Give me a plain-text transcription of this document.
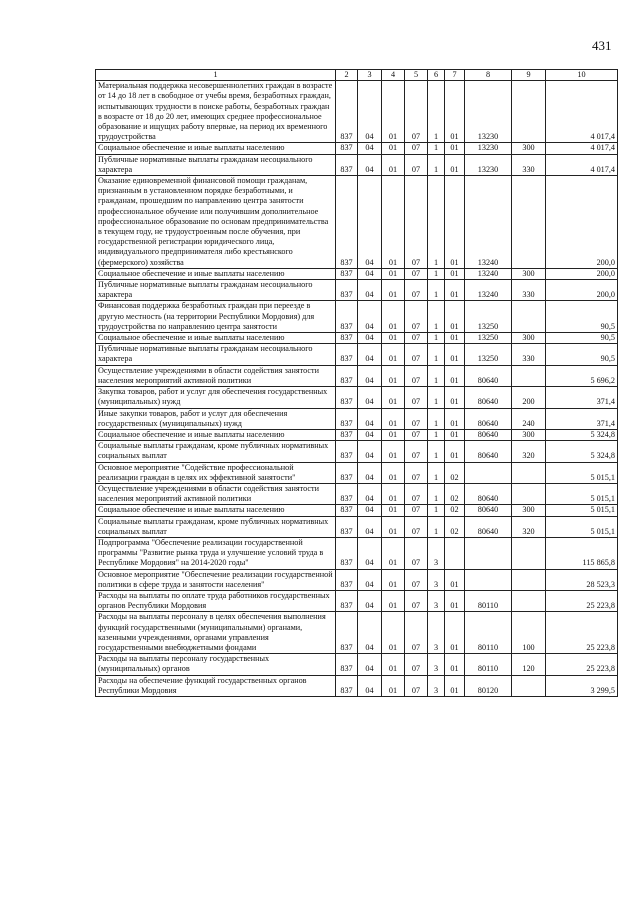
431
1	2	3	4	5	6	7	8	9	10
Материальная поддержка несовершеннолетних граждан в возрасте от 14 до 18 лет в свободное от учебы время, безработных граждан, испытывающих трудности в поиске работы, безработных граждан в возрасте от 18 до 20 лет, имеющих среднее профессиональное образование и ищущих работу впервые, на период их временного трудоустройства	837	04	01	07	1	01	13230		4 017,4
Социальное обеспечение и иные выплаты населению	837	04	01	07	1	01	13230	300	4 017,4
Публичные нормативные выплаты гражданам несоциального характера	837	04	01	07	1	01	13230	330	4 017,4
Оказание единовременной финансовой помощи гражданам, признанным в установленном порядке безработными, и гражданам, прошедшим по направлению центра занятости профессиональное обучение или получившим дополнительное профессиональное образование по основам предпринимательства в текущем году, не трудоустроенным после обучения, при государственной регистрации юридического лица, индивидуального предпринимателя либо крестьянского (фермерского) хозяйства	837	04	01	07	1	01	13240		200,0
Социальное обеспечение и иные выплаты населению	837	04	01	07	1	01	13240	300	200,0
Публичные нормативные выплаты гражданам несоциального характера	837	04	01	07	1	01	13240	330	200,0
Финансовая поддержка безработных граждан при переезде в другую местность (на территории Республики Мордовия) для трудоустройства по направлению центра занятости	837	04	01	07	1	01	13250		90,5
Социальное обеспечение и иные выплаты населению	837	04	01	07	1	01	13250	300	90,5
Публичные нормативные выплаты гражданам несоциального характера	837	04	01	07	1	01	13250	330	90,5
Осуществление учреждениями в области содействия занятости населения мероприятий активной политики	837	04	01	07	1	01	80640		5 696,2
Закупка товаров, работ и услуг для обеспечения государственных (муниципальных) нужд	837	04	01	07	1	01	80640	200	371,4
Иные закупки товаров, работ и услуг для обеспечения государственных (муниципальных) нужд	837	04	01	07	1	01	80640	240	371,4
Социальное обеспечение и иные выплаты населению	837	04	01	07	1	01	80640	300	5 324,8
Социальные выплаты гражданам, кроме публичных нормативных социальных выплат	837	04	01	07	1	01	80640	320	5 324,8
Основное мероприятие "Содействие профессиональной реализации граждан в целях их эффективной занятости"	837	04	01	07	1	02			5 015,1
Осуществление учреждениями в области содействия занятости населения мероприятий активной политики	837	04	01	07	1	02	80640		5 015,1
Социальное обеспечение и иные выплаты населению	837	04	01	07	1	02	80640	300	5 015,1
Социальные выплаты гражданам, кроме публичных нормативных социальных выплат	837	04	01	07	1	02	80640	320	5 015,1
Подпрограмма "Обеспечение реализации государственной программы "Развитие рынка труда и улучшение условий труда в Республике Мордовия" на 2014-2020 годы"	837	04	01	07	3				115 865,8
Основное мероприятие "Обеспечение реализации государственной политики в сфере труда и занятости населения"	837	04	01	07	3	01			28 523,3
Расходы на выплаты по оплате труда работников государственных органов Республики Мордовия	837	04	01	07	3	01	80110		25 223,8
Расходы на выплаты персоналу в целях обеспечения выполнения функций государственными (муниципальными) органами, казенными учреждениями, органами управления государственными внебюджетными фондами	837	04	01	07	3	01	80110	100	25 223,8
Расходы на выплаты персоналу государственных (муниципальных) органов	837	04	01	07	3	01	80110	120	25 223,8
Расходы на обеспечение функций государственных органов Республики Мордовия	837	04	01	07	3	01	80120		3 299,5
